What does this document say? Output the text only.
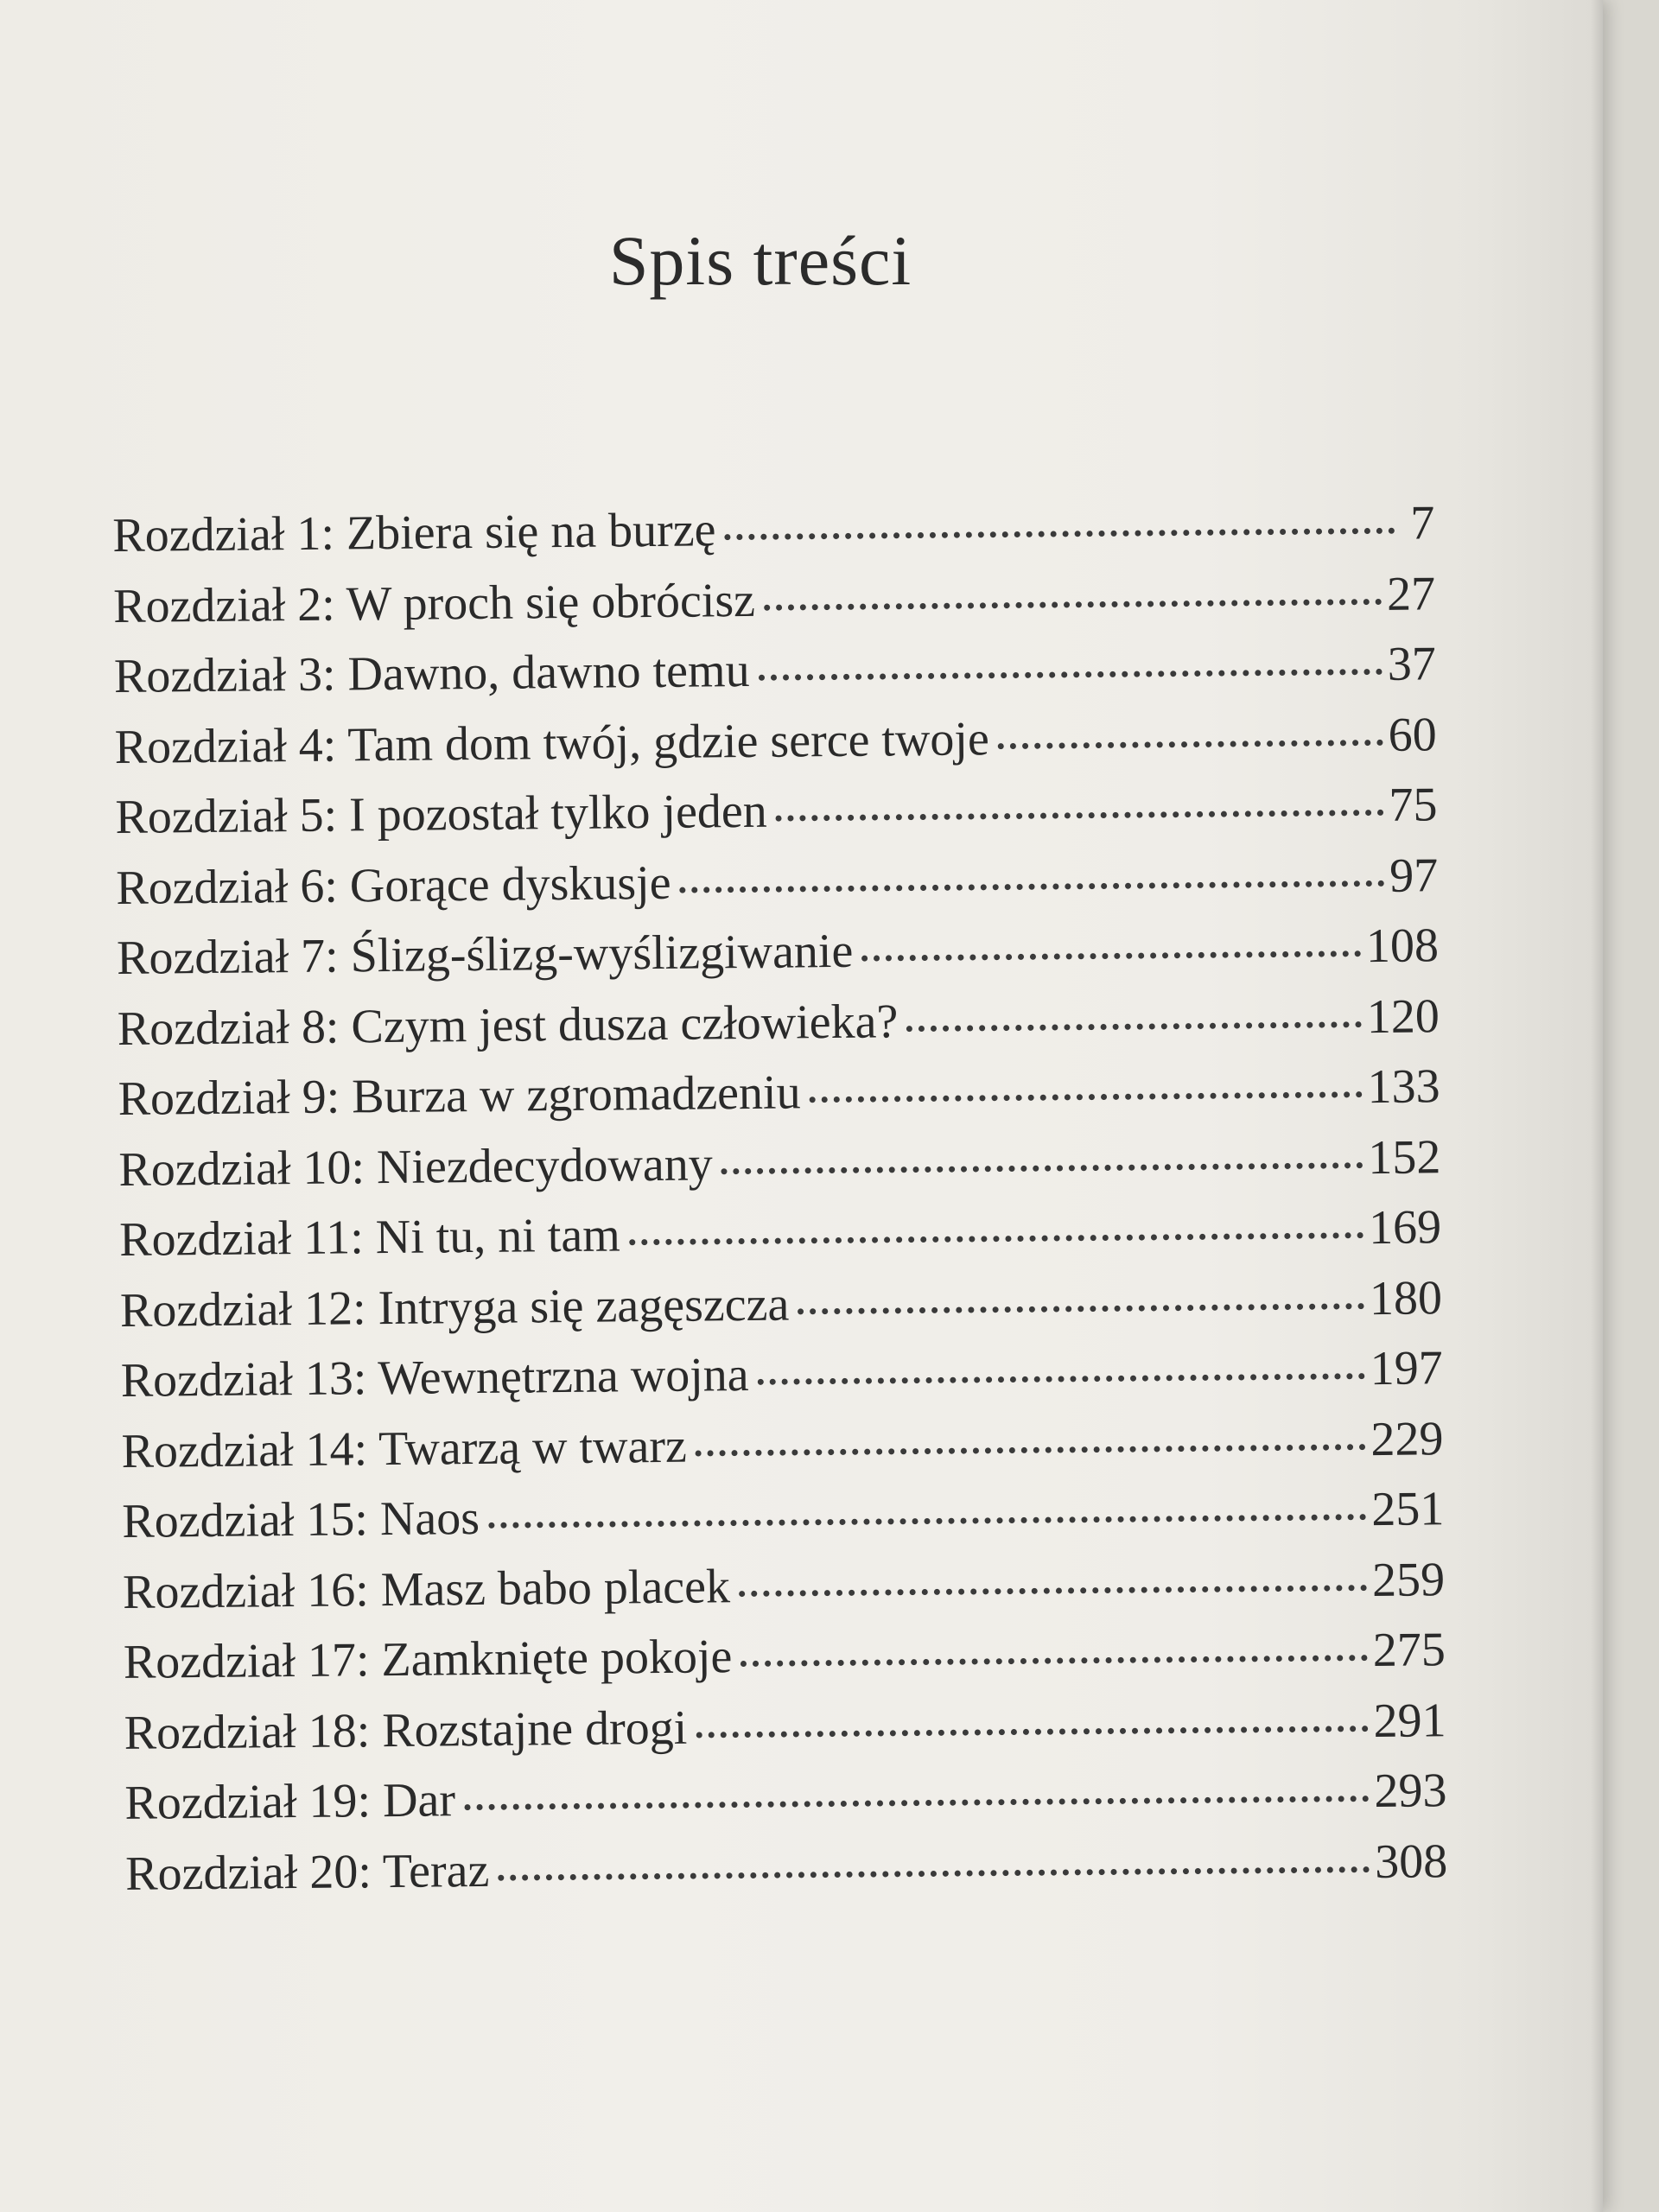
Spis treści
Rozdział 1: Zbiera się na burzę	7
Rozdział 2: W proch się obrócisz	27
Rozdział 3: Dawno, dawno temu	37
Rozdział 4: Tam dom twój, gdzie serce twoje	60
Rozdział 5: I pozostał tylko jeden	75
Rozdział 6: Gorące dyskusje	97
Rozdział 7: Ślizg-ślizg-wyślizgiwanie	108
Rozdział 8: Czym jest dusza człowieka?	120
Rozdział 9: Burza w zgromadzeniu	133
Rozdział 10: Niezdecydowany	152
Rozdział 11: Ni tu, ni tam	169
Rozdział 12: Intryga się zagęszcza	180
Rozdział 13: Wewnętrzna wojna	197
Rozdział 14: Twarzą w twarz	229
Rozdział 15: Naos	251
Rozdział 16: Masz babo placek	259
Rozdział 17: Zamknięte pokoje	275
Rozdział 18: Rozstajne drogi	291
Rozdział 19: Dar	293
Rozdział 20: Teraz	308
